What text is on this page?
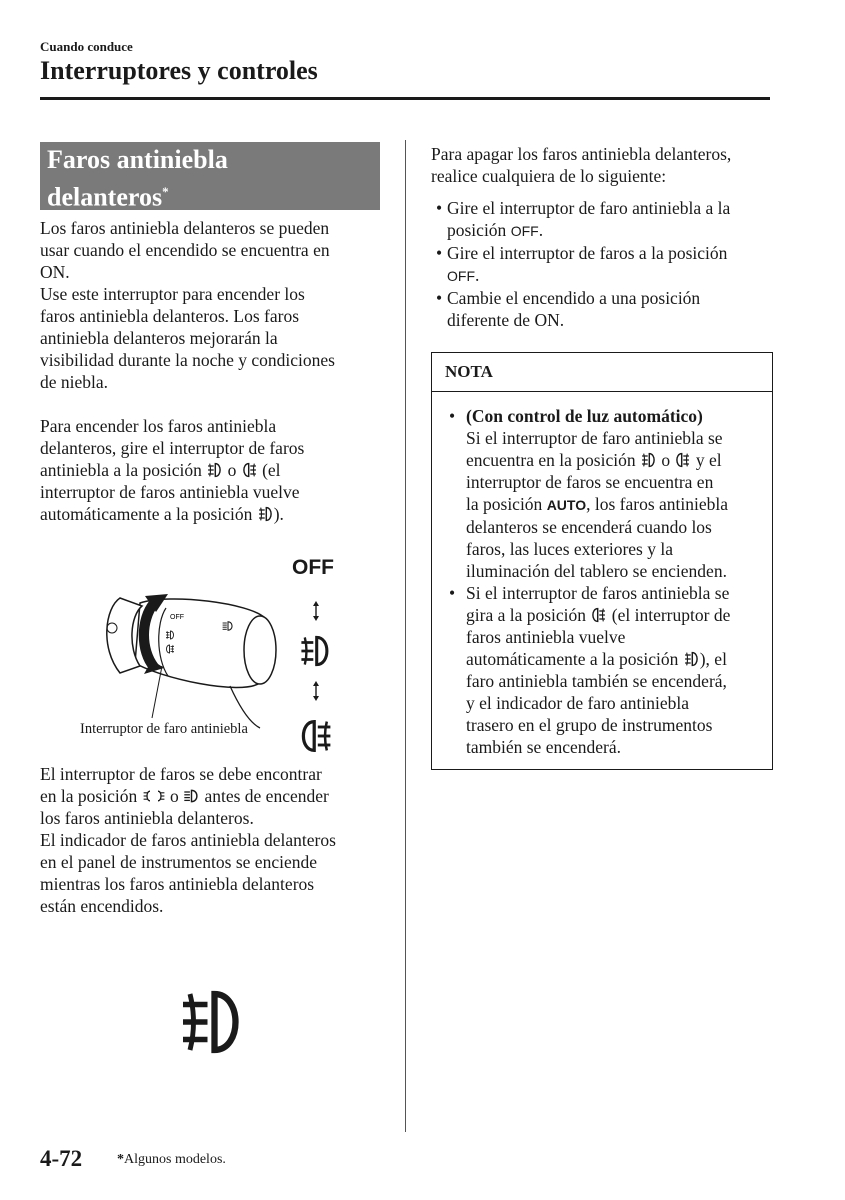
Cuando conduce
Interruptores y controles
Faros antiniebla
delanteros*

Los faros antiniebla delanteros se pueden

usar cuando el encendido se encuentra en

ON.

Use este interruptor para encender los

faros antiniebla delanteros. Los faros

antiniebla delanteros mejorarán la

visibilidad durante la noche y condiciones

de niebla.

Para encender los faros antiniebla

delanteros, gire el interruptor de faros

antiniebla a la posición o (el

interruptor de faros antiniebla vuelve

automáticamente a la posición ).

OFF
OFF
Interruptor de faro antiniebla

El interruptor de faros se debe encontrar

en la posición o antes de encender

los faros antiniebla delanteros.

El indicador de faros antiniebla delanteros

en el panel de instrumentos se enciende

mientras los faros antiniebla delanteros

están encendidos.

Para apagar los faros antiniebla delanteros,

realice cualquiera de lo siguiente:

• Gire el interruptor de faro antiniebla a la
posición OFF.
• Gire el interruptor de faros a la posición
OFF.
• Cambie el encendido a una posición
diferente de ON.
NOTA
• (Con control de luz automático)
Si el interruptor de faro antiniebla se
encuentra en la posición o y el
interruptor de faros se encuentra en
la posición AUTO, los faros antiniebla
delanteros se encenderá cuando los
faros, las luces exteriores y la
iluminación del tablero se encienden.
• Si el interruptor de faros antiniebla se
gira a la posición (el interruptor de
faros antiniebla vuelve
automáticamente a la posición ), el
faro antiniebla también se encenderá,
y el indicador de faro antiniebla
trasero en el grupo de instrumentos
también se encenderá.
4-72 *Algunos modelos.
